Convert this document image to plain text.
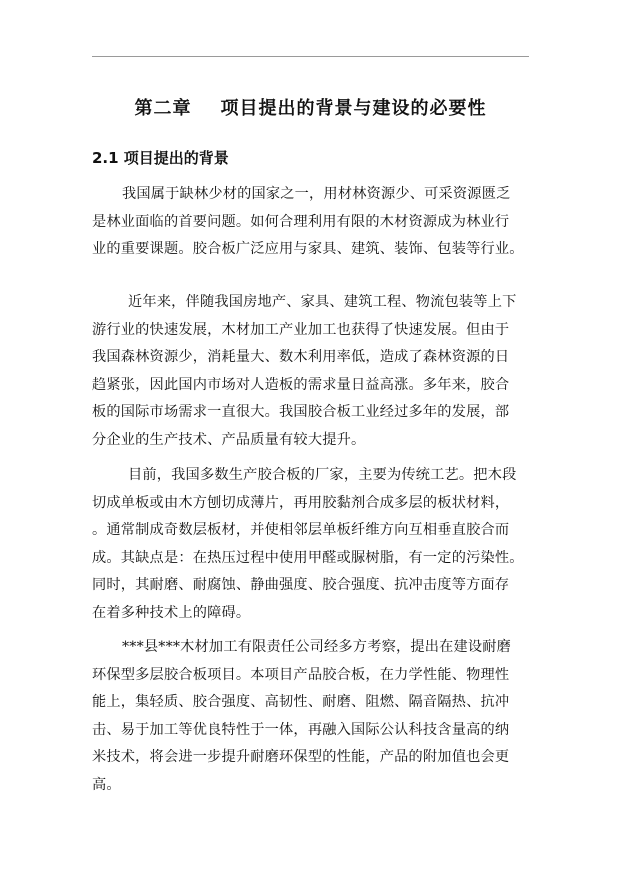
第二章    项目提出的背景与建设的必要性
2.1 项目提出的背景
我国属于缺林少材的国家之一，用材林资源少、可采资源匮乏
是林业面临的首要问题。如何合理利用有限的木材资源成为林业行
业的重要课题。胶合板广泛应用与家具、建筑、装饰、包装等行业。
近年来，伴随我国房地产、家具、建筑工程、物流包装等上下
游行业的快速发展，木材加工产业加工也获得了快速发展。但由于
我国森林资源少，消耗量大、数木利用率低，造成了森林资源的日
趋紧张，因此国内市场对人造板的需求量日益高涨。多年来，胶合
板的国际市场需求一直很大。我国胶合板工业经过多年的发展，部
分企业的生产技术、产品质量有较大提升。
目前，我国多数生产胶合板的厂家，主要为传统工艺。把木段
切成单板或由木方刨切成薄片，再用胶黏剂合成多层的板状材料，
。通常制成奇数层板材，并使相邻层单板纤维方向互相垂直胶合而
成。其缺点是：在热压过程中使用甲醛或脲树脂，有一定的污染性。
同时，其耐磨、耐腐蚀、静曲强度、胶合强度、抗冲击度等方面存
在着多种技术上的障碍。
***县***木材加工有限责任公司经多方考察，提出在建设耐磨
环保型多层胶合板项目。本项目产品胶合板，在力学性能、物理性
能上，集轻质、胶合强度、高韧性、耐磨、阻燃、隔音隔热、抗冲
击、易于加工等优良特性于一体，再融入国际公认科技含量高的纳
米技术，将会进一步提升耐磨环保型的性能，产品的附加值也会更
高。
